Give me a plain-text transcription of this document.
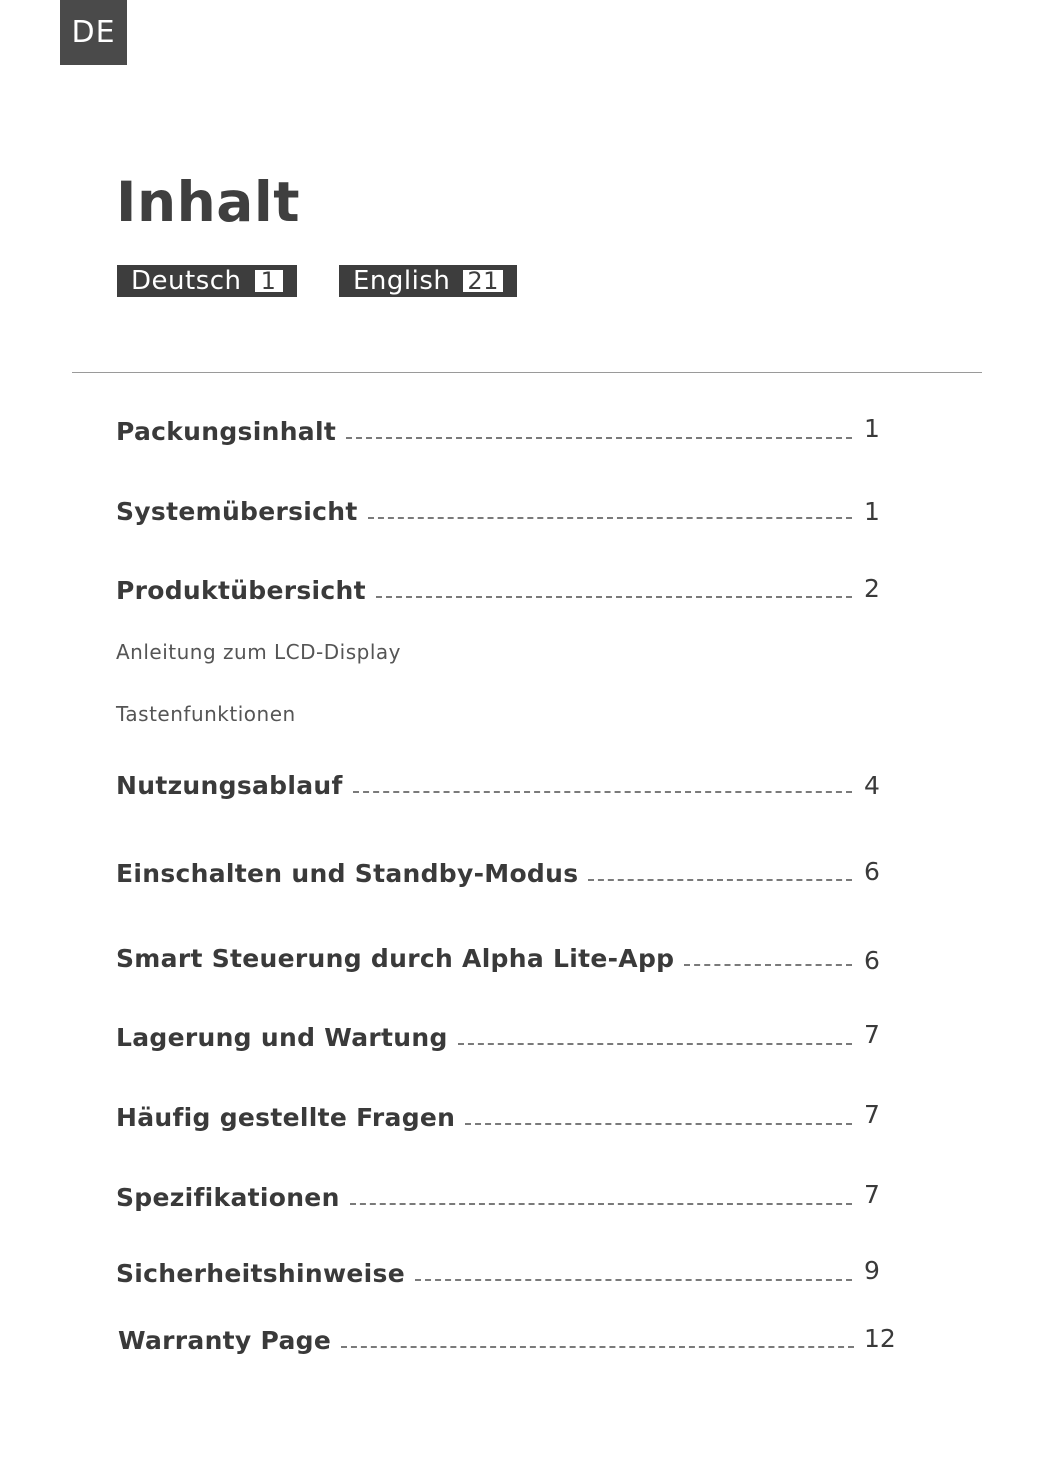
DE
Inhalt
Deutsch 1	English 21
Packungsinhalt	1
Systemübersicht	1
Produktübersicht	2
Anleitung zum LCD-Display
Tastenfunktionen
Nutzungsablauf	4
Einschalten und Standby-Modus	6
Smart Steuerung durch Alpha Lite-App	6
Lagerung und Wartung	7
Häufig gestellte Fragen	7
Spezifikationen	7
Sicherheitshinweise	9
Warranty Page	12
